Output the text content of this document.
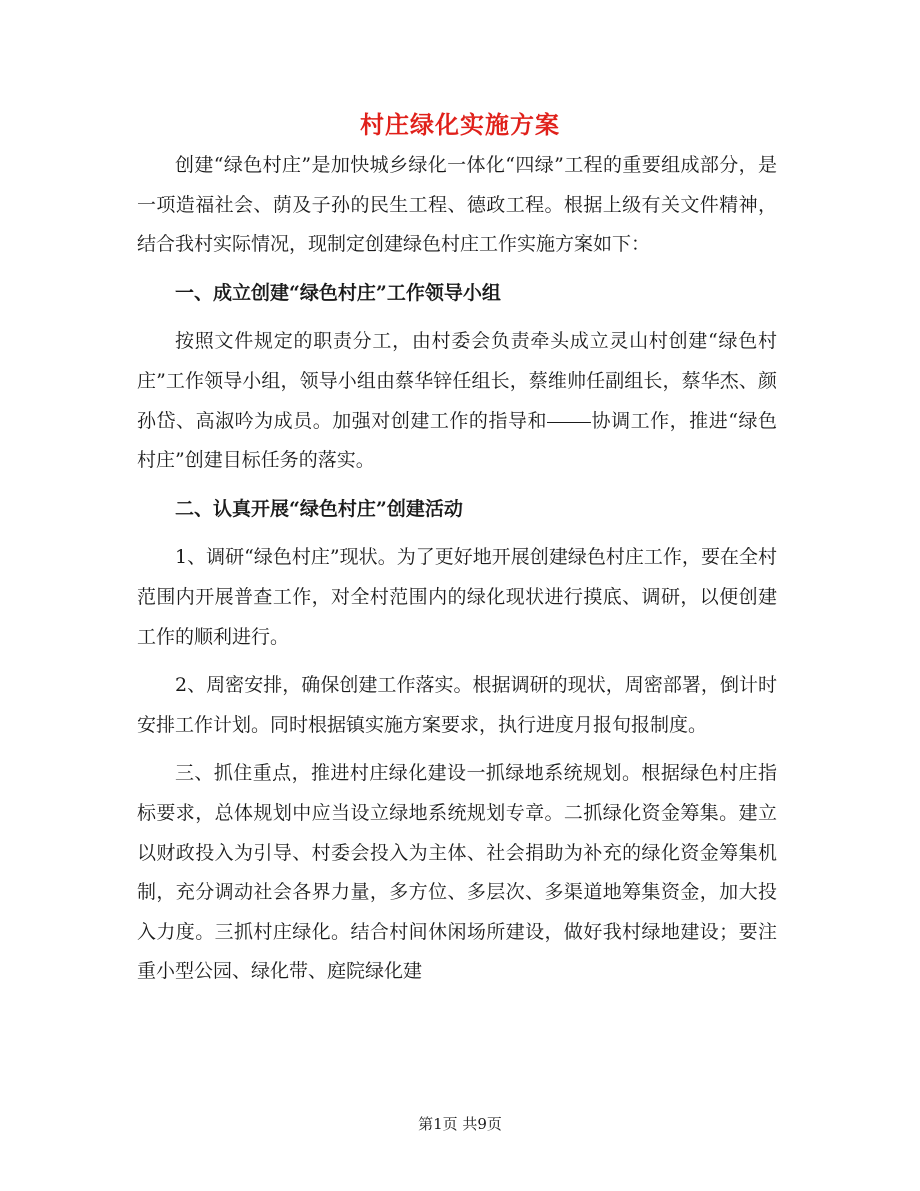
村庄绿化实施方案

创建“绿色村庄”是加快城乡绿化一体化“四绿”工程的重要组成部分，是一项造福社会、荫及子孙的民生工程、德政工程。根据上级有关文件精神，结合我村实际情况，现制定创建绿色村庄工作实施方案如下：

一、成立创建“绿色村庄”工作领导小组

按照文件规定的职责分工，由村委会负责牵头成立灵山村创建“绿色村庄”工作领导小组，领导小组由蔡华锌任组长，蔡维帅任副组长，蔡华杰、颜孙岱、高淑吟为成员。加强对创建工作的指导和 协调工作，推进“绿色村庄”创建目标任务的落实。

二、认真开展“绿色村庄”创建活动

1、调研“绿色村庄”现状。为了更好地开展创建绿色村庄工作，要在全村范围内开展普查工作，对全村范围内的绿化现状进行摸底、调研，以便创建工作的顺利进行。

2、周密安排，确保创建工作落实。根据调研的现状，周密部署，倒计时安排工作计划。同时根据镇实施方案要求，执行进度月报旬报制度。

三、抓住重点，推进村庄绿化建设一抓绿地系统规划。根据绿色村庄指标要求，总体规划中应当设立绿地系统规划专章。二抓绿化资金筹集。建立以财政投入为引导、村委会投入为主体、社会捐助为补充的绿化资金筹集机制，充分调动社会各界力量，多方位、多层次、多渠道地筹集资金，加大投入力度。三抓村庄绿化。结合村间休闲场所建设，做好我村绿地建设；要注重小型公园、绿化带、庭院绿化建

第1页 共9页
